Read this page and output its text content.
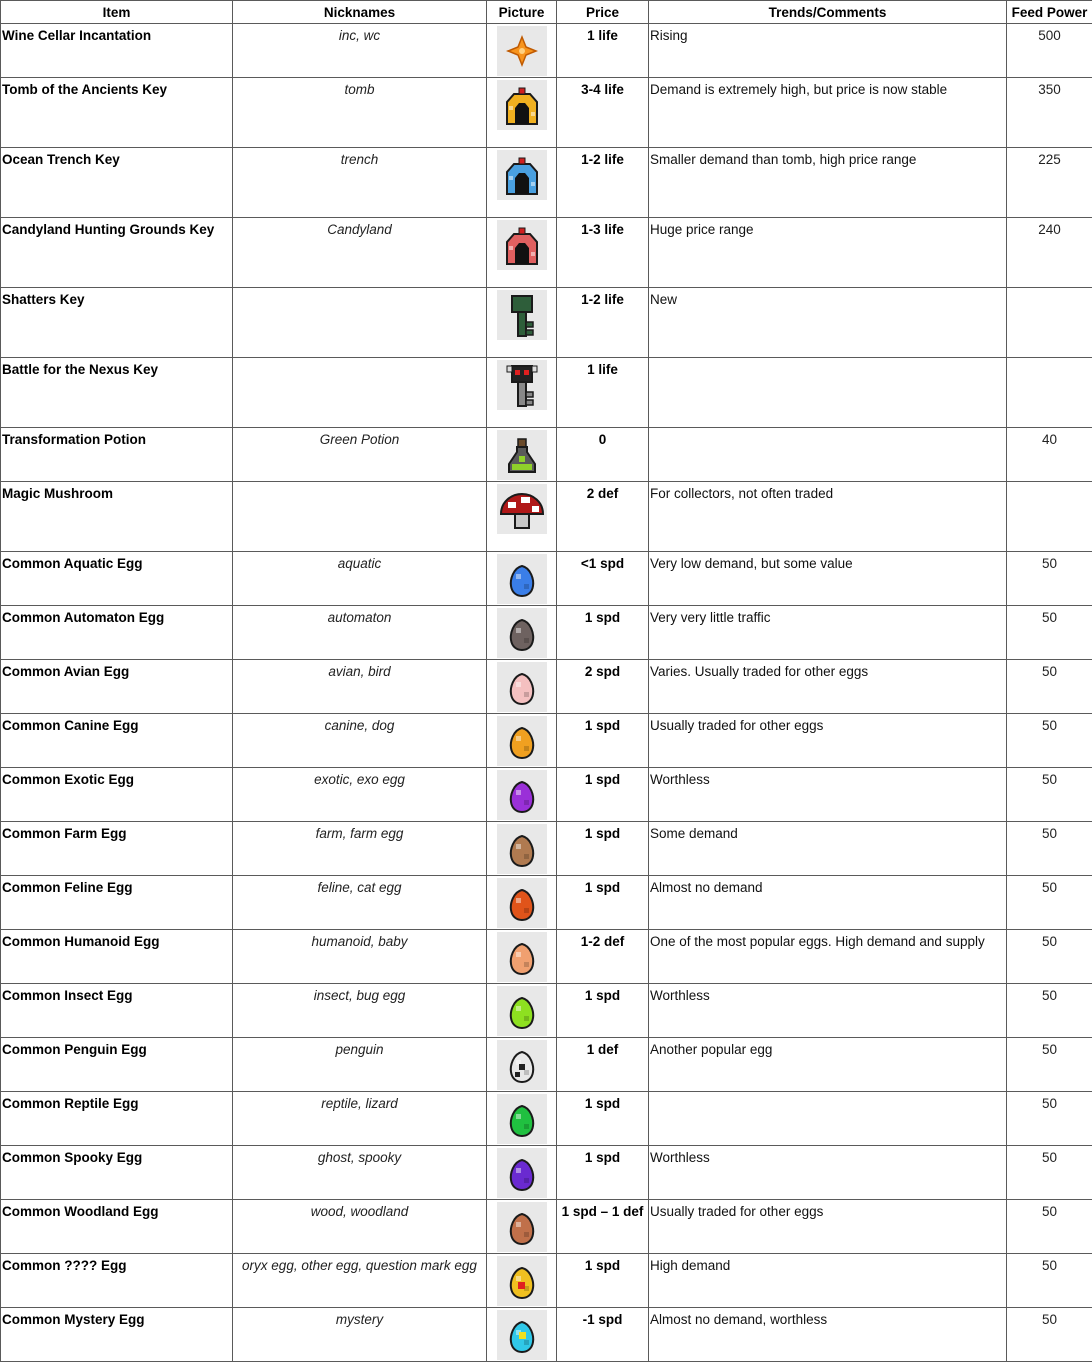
Item	Nicknames	Picture	Price	Trends/Comments	Feed Power
Wine Cellar Incantation	inc, wc		1 life	Rising	500
Tomb of the Ancients Key	tomb		3-4 life	Demand is extremely high, but price is now stable	350
Ocean Trench Key	trench		1-2 life	Smaller demand than tomb, high price range	225
Candyland Hunting Grounds Key	Candyland		1-3 life	Huge price range	240
Shatters Key			1-2 life	New	
Battle for the Nexus Key			1 life		
Transformation Potion	Green Potion		0		40
Magic Mushroom			2 def	For collectors, not often traded	
Common Aquatic Egg	aquatic		<1 spd	Very low demand, but some value	50
Common Automaton Egg	automaton		1 spd	Very very little traffic	50
Common Avian Egg	avian, bird		2 spd	Varies. Usually traded for other eggs	50
Common Canine Egg	canine, dog		1 spd	Usually traded for other eggs	50
Common Exotic Egg	exotic, exo egg		1 spd	Worthless	50
Common Farm Egg	farm, farm egg		1 spd	Some demand	50
Common Feline Egg	feline, cat egg		1 spd	Almost no demand	50
Common Humanoid Egg	humanoid, baby		1-2 def	One of the most popular eggs. High demand and supply	50
Common Insect Egg	insect, bug egg		1 spd	Worthless	50
Common Penguin Egg	penguin		1 def	Another popular egg	50
Common Reptile Egg	reptile, lizard		1 spd		50
Common Spooky Egg	ghost, spooky		1 spd	Worthless	50
Common Woodland Egg	wood, woodland		1 spd – 1 def	Usually traded for other eggs	50
Common ???? Egg	oryx egg, other egg, question mark egg		1 spd	High demand	50
Common Mystery Egg	mystery		-1 spd	Almost no demand, worthless	50
